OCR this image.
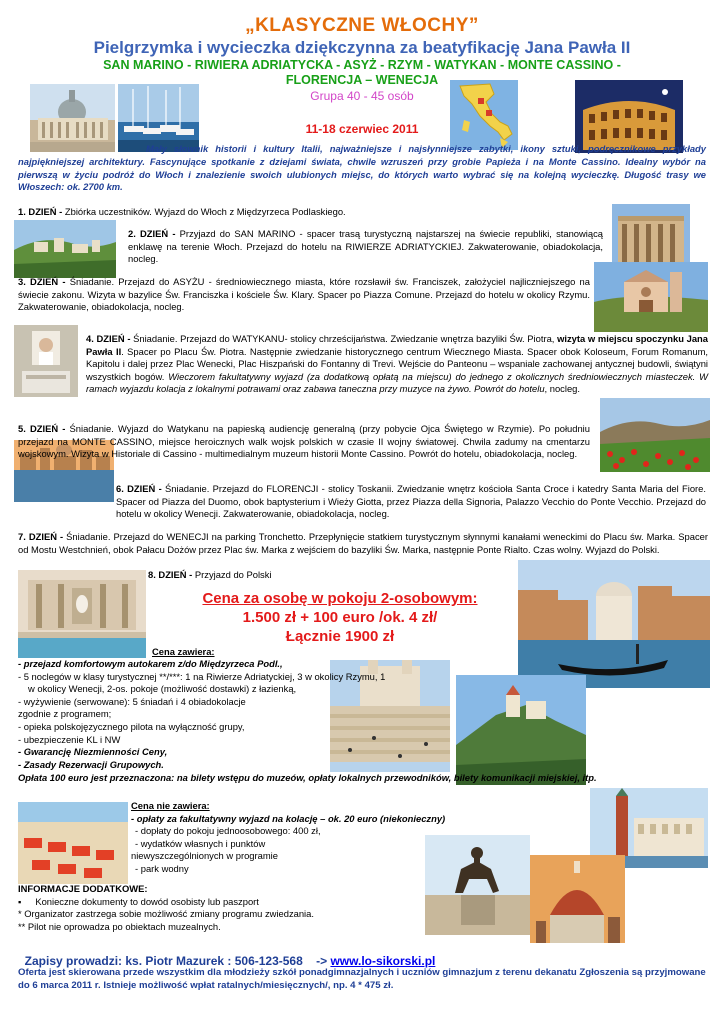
„KLASYCZNE WŁOCHY”
Pielgrzymka i wycieczka dziękczynna za beatyfikację Jana Pawła II
SAN MARINO - RIWIERA ADRIATYCKA - ASYŻ - RZYM - WATYKAN - MONTE CASSINO -
FLORENCJA – WENECJA
Grupa 40 - 45 osób
11-18 czerwiec 2011
Mały słownik historii i kultury Italii, najważniejsze i najsłynniejsze zabytki, ikony sztuki, podręcznikowe przykłady najpiękniejszej architektury. Fascynujące spotkanie z dziejami świata, chwile wzruszeń przy grobie Papieża i na Monte Cassino. Idealny wybór na pierwszą w życiu podróż do Włoch i znalezienie swoich ulubionych miejsc, do których warto wybrać się na kolejną wycieczkę. Długość trasy we Włoszech: ok. 2700 km.
1. DZIEŃ - Zbiórka uczestników. Wyjazd do Włoch z Międzyrzeca Podlaskiego.
2. DZIEŃ - Przyjazd do SAN MARINO - spacer trasą turystyczną najstarszej na świecie republiki, stanowiącą enklawę na terenie Włoch. Przejazd do hotelu na RIWIERZE ADRIATYCKIEJ. Zakwaterowanie, obiadokolacja, nocleg.
3. DZIEŃ - Śniadanie. Przejazd do ASYŻU - średniowiecznego miasta, które rozsławił św. Franciszek, założyciel najliczniejszego na świecie zakonu. Wizyta w bazylice Św. Franciszka i kościele Św. Klary. Spacer po Piazza Comune. Przejazd do hotelu w okolicy Rzymu. Zakwaterowanie, obiadokolacja, nocleg.
4. DZIEŃ - Śniadanie. Przejazd do WATYKANU- stolicy chrześcijaństwa. Zwiedzanie wnętrza bazyliki Św. Piotra, wizyta w miejscu spoczynku Jana Pawła II. Spacer po Placu Św. Piotra. Następnie zwiedzanie historycznego centrum Wiecznego Miasta. Spacer obok Koloseum, Forum Romanum, Kapitolu i dalej przez Plac Wenecki, Plac Hiszpański do Fontanny di Trevi. Wejście do Panteonu – wspaniale zachowanej antycznej budowli, świątyni wszystkich bogów. Wieczorem fakultatywny wyjazd (za dodatkową opłatą na miejscu) do jednego z okolicznych średniowiecznych miasteczek. W ramach wyjazdu kolacja z lokalnymi potrawami oraz zabawa taneczna przy muzyce na żywo. Powrót do hotelu, nocleg.
5. DZIEŃ - Śniadanie. Wyjazd do Watykanu na papieską audiencję generalną (przy pobycie Ojca Świętego w Rzymie). Po południu przejazd na MONTE CASSINO, miejsce heroicznych walk wojsk polskich w czasie II wojny światowej. Chwila zadumy na cmentarzu wojskowym. Wizyta w Historiale di Cassino - multimedialnym muzeum historii Monte Cassino. Powrót do hotelu, obiadokolacja, nocleg.
6. DZIEŃ - Śniadanie. Przejazd do FLORENCJI - stolicy Toskanii. Zwiedzanie wnętrz kościoła Santa Croce i katedry Santa Maria del Fiore. Spacer od Piazza del Duomo, obok baptysterium i Wieży Giotta, przez Piazza della Signoria, Palazzo Vecchio do Ponte Vecchio. Przejazd do hotelu w okolicy Wenecji. Zakwaterowanie, obiadokolacja, nocleg.
7. DZIEŃ - Śniadanie. Przejazd do WENECJI na parking Tronchetto. Przepłynięcie statkiem turystycznym słynnymi kanałami weneckimi do Placu św. Marka. Spacer od Mostu Westchnień, obok Pałacu Dożów przez Plac św. Marka z wejściem do bazyliki Św. Marka, następnie Ponte Rialto. Czas wolny. Wyjazd do Polski.
8. DZIEŃ - Przyjazd do Polski
Cena za osobę w pokoju 2-osobowym:
1.500 zł + 100 euro /ok. 4 zł/
Łącznie 1900 zł
Cena zawiera:
- przejazd komfortowym autokarem z/do Międzyrzeca Podl.,
- 5 noclegów w klasy turystycznej **/***: 1 na Riwierze Adriatyckiej, 3 w okolicy Rzymu, 1 w okolicy Wenecji, 2-os. pokoje (możliwość dostawki) z łazienką,
- wyżywienie (serwowane): 5 śniadań i 4 obiadokolacje
zgodnie z programem;
- opieka polskojęzycznego pilota na wyłączność grupy,
- ubezpieczenie KL i NW
- Gwarancję Niezmienności Ceny,
- Zasady Rezerwacji Grupowych.
Opłata 100 euro jest przeznaczona: na bilety wstępu do muzeów, opłaty lokalnych przewodników, bilety komunikacji miejskiej, itp.
Cena nie zawiera:
- opłaty za fakultatywny wyjazd na kolację – ok. 20 euro (niekonieczny)
- dopłaty do pokoju jednoosobowego: 400 zł,
- wydatków własnych i punktów
niewyszczególnionych w programie
- park wodny
INFORMACJE DODATKOWE:
▪ Konieczne dokumenty to dowód osobisty lub paszport
* Organizator zastrzega sobie możliwość zmiany programu zwiedzania.
** Pilot nie oprowadza po obiektach muzealnych.

Zapisy prowadzi: ks. Piotr Mazurek : 506-123-568    -> www.lo-sikorski.pl

Oferta jest skierowana przede wszystkim dla młodzieży szkół ponadgimnazjalnych i uczniów gimnazjum z terenu dekanatu Zgłoszenia są przyjmowane do 6 marca 2011 r. Istnieje możliwość wpłat ratalnych/miesięcznych/, np. 4 * 475 zł.
